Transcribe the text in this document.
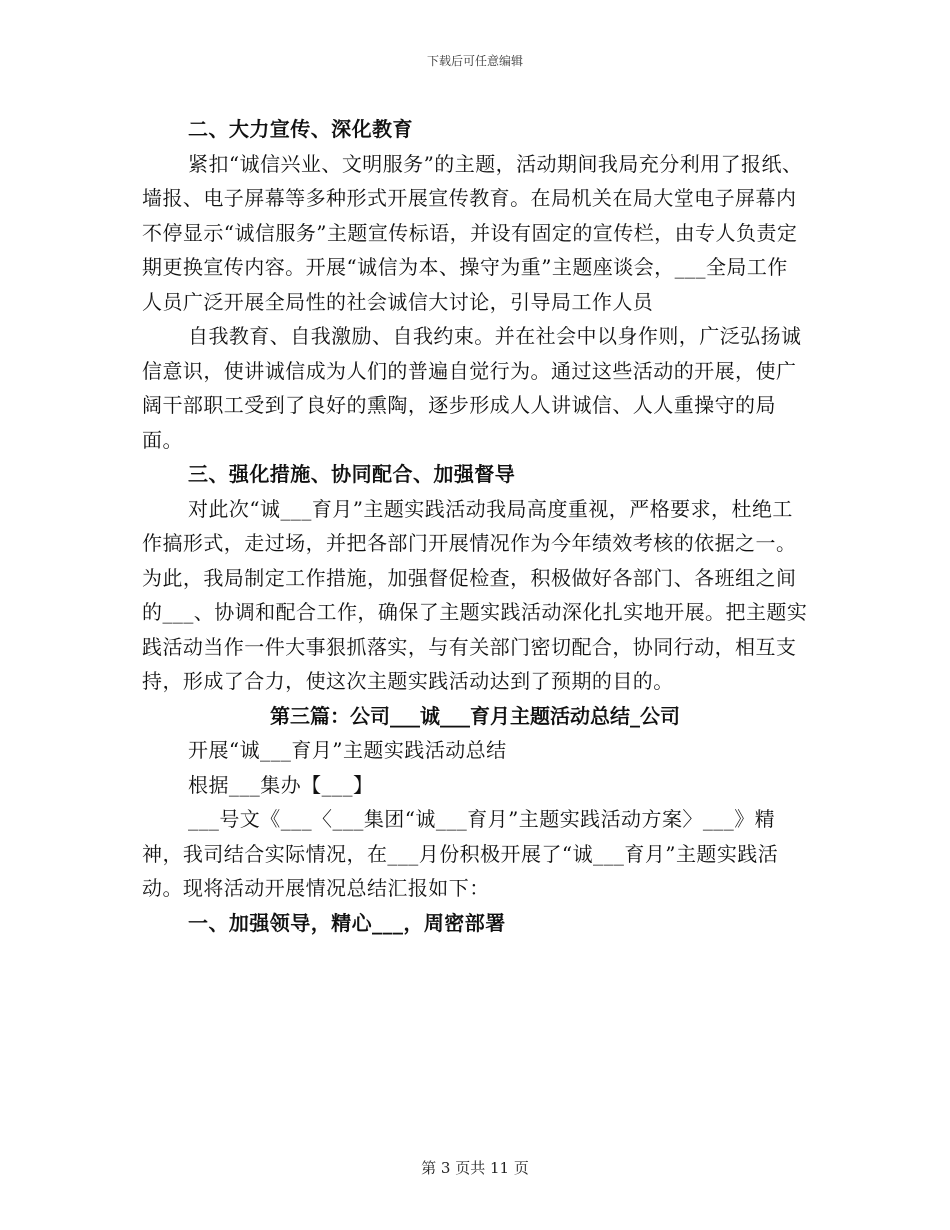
下载后可任意编辑

二、大力宣传、深化教育

紧扣“诚信兴业、文明服务”的主题，活动期间我局充分利用了报纸、墙报、电子屏幕等多种形式开展宣传教育。在局机关在局大堂电子屏幕内不停显示“诚信服务”主题宣传标语，并设有固定的宣传栏，由专人负责定期更换宣传内容。开展“诚信为本、操守为重”主题座谈会，___全局工作人员广泛开展全局性的社会诚信大讨论，引导局工作人员

自我教育、自我激励、自我约束。并在社会中以身作则，广泛弘扬诚信意识，使讲诚信成为人们的普遍自觉行为。通过这些活动的开展，使广阔干部职工受到了良好的熏陶，逐步形成人人讲诚信、人人重操守的局面。

三、强化措施、协同配合、加强督导

对此次“诚___育月”主题实践活动我局高度重视，严格要求，杜绝工作搞形式，走过场，并把各部门开展情况作为今年绩效考核的依据之一。为此，我局制定工作措施，加强督促检查，积极做好各部门、各班组之间的___、协调和配合工作，确保了主题实践活动深化扎实地开展。把主题实践活动当作一件大事狠抓落实，与有关部门密切配合，协同行动，相互支持，形成了合力，使这次主题实践活动达到了预期的目的。

第三篇：公司___诚___育月主题活动总结_公司

开展“诚___育月”主题实践活动总结

根据___集办【___】

___号文《___〈___集团“诚___育月”主题实践活动方案〉___》精神，我司结合实际情况，在___月份积极开展了“诚___育月”主题实践活动。现将活动开展情况总结汇报如下：

一、加强领导，精心___，周密部署

第 3 页共 11 页
